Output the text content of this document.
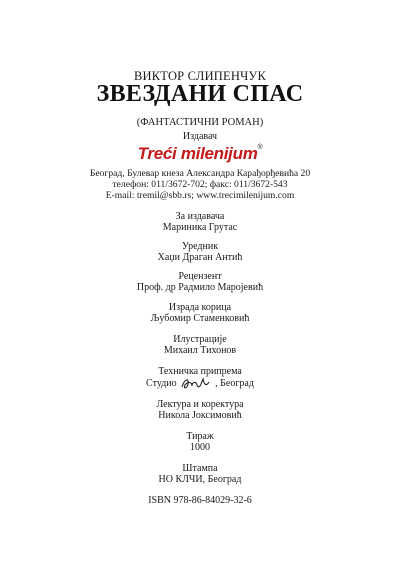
ВИКТОР СЛИПЕНЧУК
ЗВЕЗДАНИ СПАС
(ФАНТАСТИЧНИ РОМАН)
Издавач
Treći milenijum®
Београд, Булевар кнеза Александра Карађорђевића 20
телефон: 011/3672-702; факс: 011/3672-543
E-mail: tremil@sbb.rs; www.trecimilenijum.com
За издавача
Мариника Грутас
Уредник
Хаџи Драган Антић
Рецензент
Проф. др Радмило Маројевић
Израда корица
Љубомир Стаменковић
Илустрације
Михаил Тихонов
Техничка припрема
Студио	, Београд
Лектура и коректура
Никола Јоксимовић
Тираж
1000
Штампа
НО КЛЧИ, Београд
ISBN 978-86-84029-32-6
